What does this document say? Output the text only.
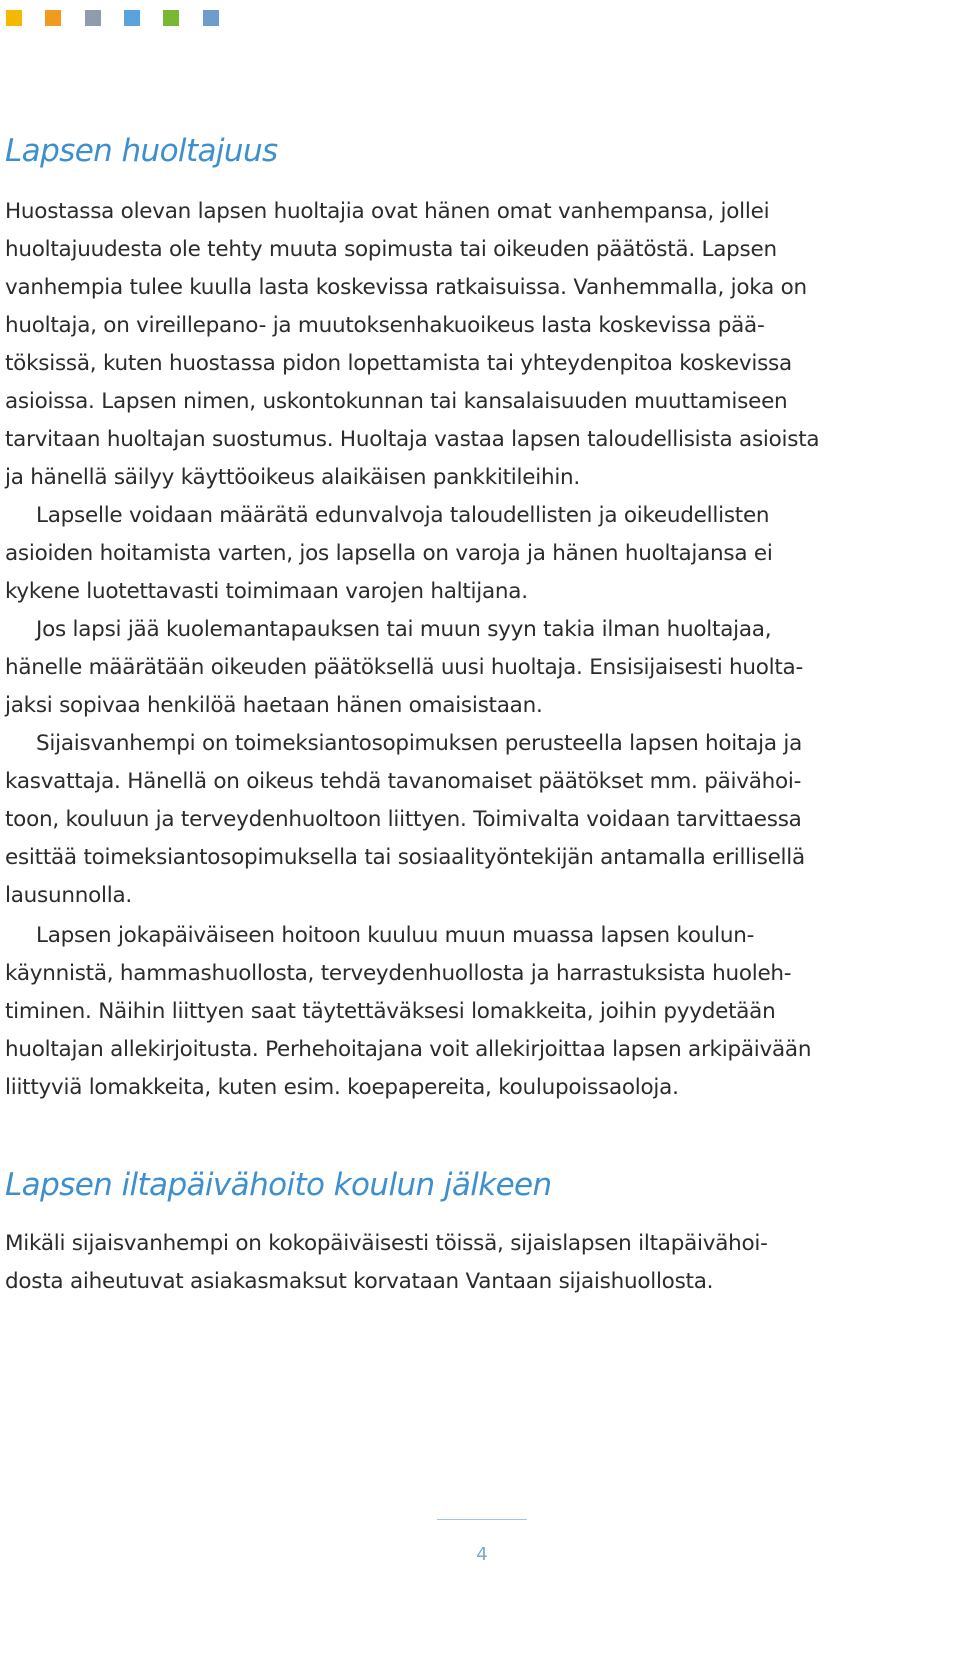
Lapsen huoltajuus
Huostassa olevan lapsen huoltajia ovat hänen omat vanhempansa, jollei
huoltajuudesta ole tehty muuta sopimusta tai oikeuden päätöstä. Lapsen
vanhempia tulee kuulla lasta koskevissa ratkaisuissa. Vanhemmalla, joka on
huoltaja, on vireillepano- ja muutoksenhakuoikeus lasta koskevissa pää-
töksissä, kuten huostassa pidon lopettamista tai yhteydenpitoa koskevissa
asioissa. Lapsen nimen, uskontokunnan tai kansalaisuuden muuttamiseen
tarvitaan huoltajan suostumus. Huoltaja vastaa lapsen taloudellisista asioista
ja hänellä säilyy käyttöoikeus alaikäisen pankkitileihin.
Lapselle voidaan määrätä edunvalvoja taloudellisten ja oikeudellisten
asioiden hoitamista varten, jos lapsella on varoja ja hänen huoltajansa ei
kykene luotettavasti toimimaan varojen haltijana.
Jos lapsi jää kuolemantapauksen tai muun syyn takia ilman huoltajaa,
hänelle määrätään oikeuden päätöksellä uusi huoltaja. Ensisijaisesti huolta-
jaksi sopivaa henkilöä haetaan hänen omaisistaan.
Sijaisvanhempi on toimeksiantosopimuksen perusteella lapsen hoitaja ja
kasvattaja. Hänellä on oikeus tehdä tavanomaiset päätökset mm. päivähoi-
toon, kouluun ja terveydenhuoltoon liittyen. Toimivalta voidaan tarvittaessa
esittää toimeksiantosopimuksella tai sosiaalityöntekijän antamalla erillisellä
lausunnolla.
Lapsen jokapäiväiseen hoitoon kuuluu muun muassa lapsen koulun-
käynnistä, hammashuollosta, terveydenhuollosta ja harrastuksista huoleh-
timinen. Näihin liittyen saat täytettäväksesi lomakkeita, joihin pyydetään
huoltajan allekirjoitusta. Perhehoitajana voit allekirjoittaa lapsen arkipäivään
liittyviä lomakkeita, kuten esim. koepapereita, koulupoissaoloja.
Lapsen iltapäivähoito koulun jälkeen
Mikäli sijaisvanhempi on kokopäiväisesti töissä, sijaislapsen iltapäivähoi-
dosta aiheutuvat asiakasmaksut korvataan Vantaan sijaishuollosta.
4
